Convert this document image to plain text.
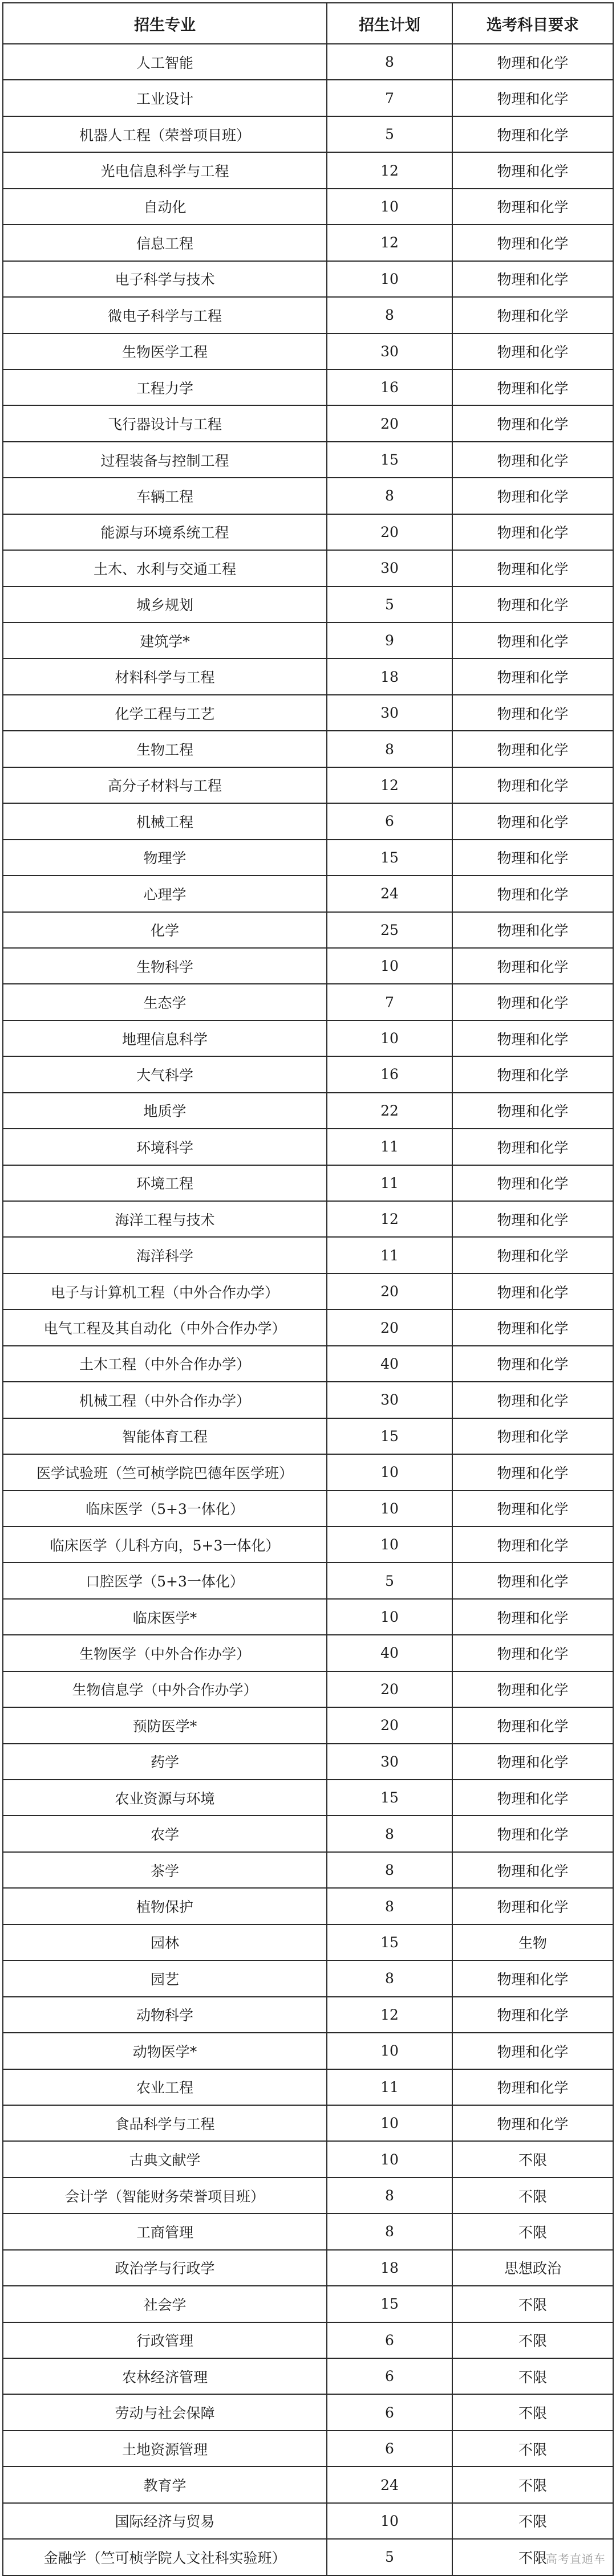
招生专业	招生计划	选考科目要求
人工智能	8	物理和化学
工业设计	7	物理和化学
机器人工程（荣誉项目班）	5	物理和化学
光电信息科学与工程	12	物理和化学
自动化	10	物理和化学
信息工程	12	物理和化学
电子科学与技术	10	物理和化学
微电子科学与工程	8	物理和化学
生物医学工程	30	物理和化学
工程力学	16	物理和化学
飞行器设计与工程	20	物理和化学
过程装备与控制工程	15	物理和化学
车辆工程	8	物理和化学
能源与环境系统工程	20	物理和化学
土木、水利与交通工程	30	物理和化学
城乡规划	5	物理和化学
建筑学*	9	物理和化学
材料科学与工程	18	物理和化学
化学工程与工艺	30	物理和化学
生物工程	8	物理和化学
高分子材料与工程	12	物理和化学
机械工程	6	物理和化学
物理学	15	物理和化学
心理学	24	物理和化学
化学	25	物理和化学
生物科学	10	物理和化学
生态学	7	物理和化学
地理信息科学	10	物理和化学
大气科学	16	物理和化学
地质学	22	物理和化学
环境科学	11	物理和化学
环境工程	11	物理和化学
海洋工程与技术	12	物理和化学
海洋科学	11	物理和化学
电子与计算机工程（中外合作办学）	20	物理和化学
电气工程及其自动化（中外合作办学）	20	物理和化学
土木工程（中外合作办学）	40	物理和化学
机械工程（中外合作办学）	30	物理和化学
智能体育工程	15	物理和化学
医学试验班（竺可桢学院巴德年医学班）	10	物理和化学
临床医学（5+3一体化）	10	物理和化学
临床医学（儿科方向，5+3一体化）	10	物理和化学
口腔医学（5+3一体化）	5	物理和化学
临床医学*	10	物理和化学
生物医学（中外合作办学）	40	物理和化学
生物信息学（中外合作办学）	20	物理和化学
预防医学*	20	物理和化学
药学	30	物理和化学
农业资源与环境	15	物理和化学
农学	8	物理和化学
茶学	8	物理和化学
植物保护	8	物理和化学
园林	15	生物
园艺	8	物理和化学
动物科学	12	物理和化学
动物医学*	10	物理和化学
农业工程	11	物理和化学
食品科学与工程	10	物理和化学
古典文献学	10	不限
会计学（智能财务荣誉项目班）	8	不限
工商管理	8	不限
政治学与行政学	18	思想政治
社会学	15	不限
行政管理	6	不限
农林经济管理	6	不限
劳动与社会保障	6	不限
土地资源管理	6	不限
教育学	24	不限
国际经济与贸易	10	不限
金融学（竺可桢学院人文社科实验班）	5	不限
高考直通车
